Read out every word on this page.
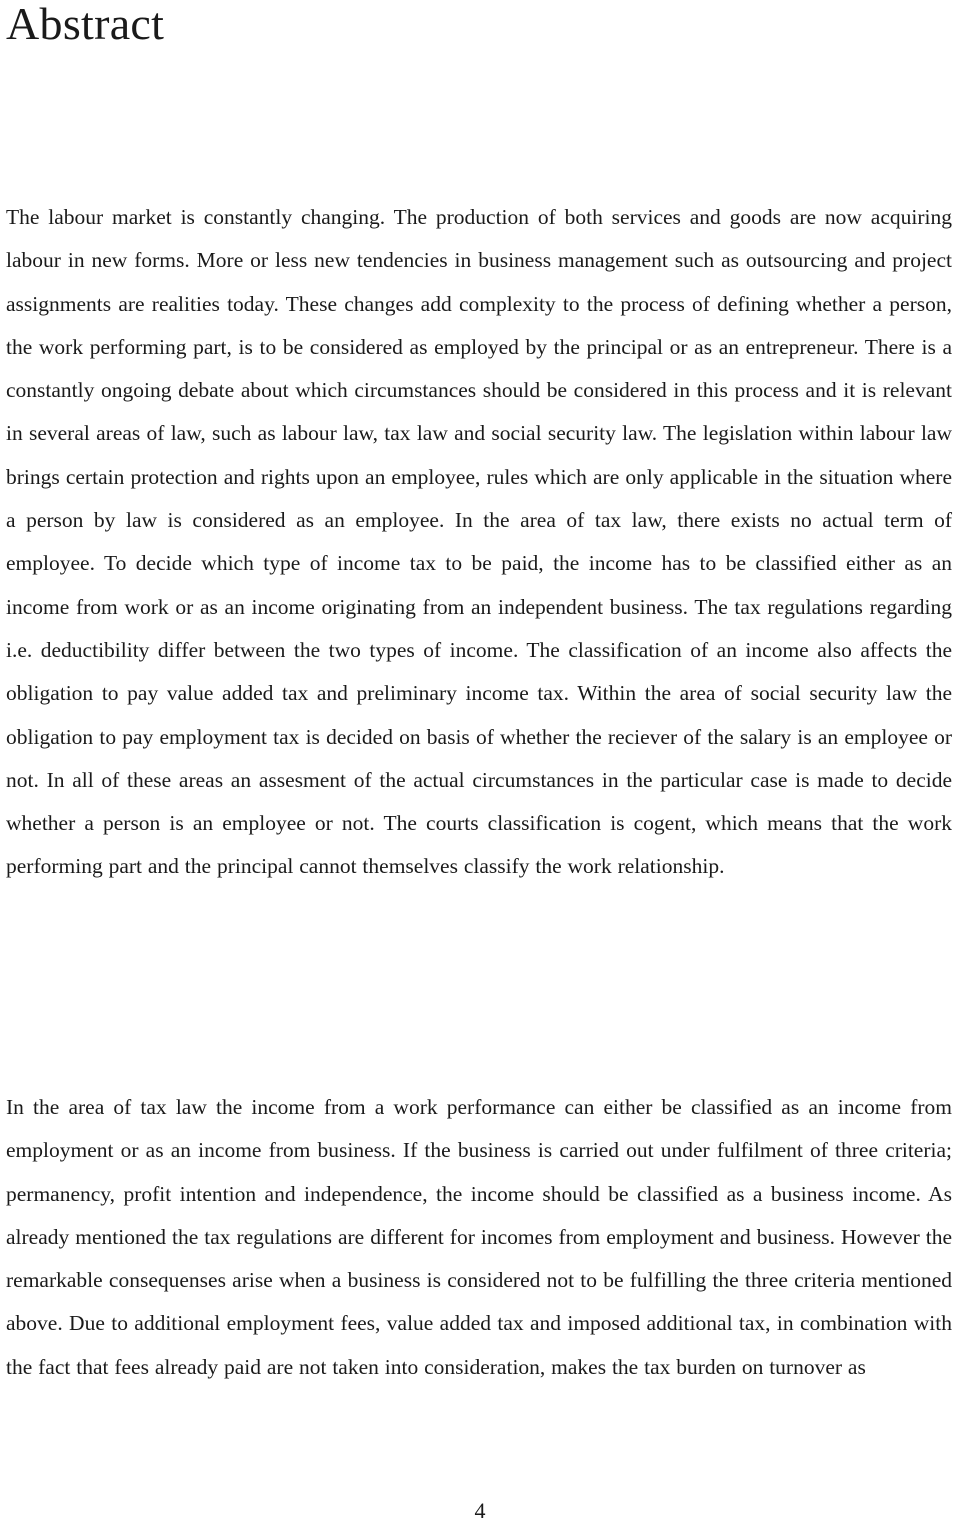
Abstract

The labour market is constantly changing. The production of both services and goods are now acquiring labour in new forms. More or less new tendencies in business management such as outsourcing and project assignments are realities today. These changes add complexity to the process of defining whether a person, the work performing part, is to be considered as employed by the principal or as an entrepreneur. There is a constantly ongoing debate about which circumstances should be considered in this process and it is relevant in several areas of law, such as labour law, tax law and social security law. The legislation within labour law brings certain protection and rights upon an employee, rules which are only applicable in the situation where a person by law is considered as an employee. In the area of tax law, there exists no actual term of employee. To decide which type of income tax to be paid, the income has to be classified either as an income from work or as an income originating from an independent business. The tax regulations regarding i.e. deductibility differ between the two types of income. The classification of an income also affects the obligation to pay value added tax and preliminary income tax. Within the area of social security law the obligation to pay employment tax is decided on basis of whether the reciever of the salary is an employee or not. In all of these areas an assesment of the actual circumstances in the particular case is made to decide whether a person is an employee or not. The courts classification is cogent, which means that the work performing part and the principal cannot themselves classify the work relationship.

In the area of tax law the income from a work performance can either be classified as an income from employment or as an income from business. If the business is carried out under fulfilment of three criteria; permanency, profit intention and independence, the income should be classified as a business income. As already mentioned the tax regulations are different for incomes from employment and business. However the remarkable consequenses arise when a business is considered not to be fulfilling the three criteria mentioned above. Due to additional employment fees, value added tax and imposed additional tax, in combination with the fact that fees already paid are not taken into consideration, makes the tax burden on turnover as

4
